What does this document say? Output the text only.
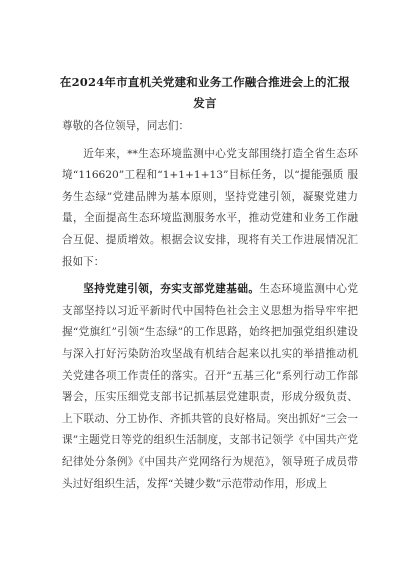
在2024年市直机关党建和业务工作融合推进会上的汇报发言

尊敬的各位领导，同志们：

近年来，**生态环境监测中心党支部围绕打造全省生态环境“116620”工程和“1+1+1+13”目标任务，以“提能强质 服务生态绿”党建品牌为基本原则，坚持党建引领，凝聚党建力量，全面提高生态环境监测服务水平，推动党建和业务工作融合互促、提质增效。根据会议安排，现将有关工作进展情况汇报如下：

坚持党建引领，夯实支部党建基础。生态环境监测中心党支部坚持以习近平新时代中国特色社会主义思想为指导牢牢把握“党旗红”引领“生态绿”的工作思路，始终把加强党组织建设与深入打好污染防治攻坚战有机结合起来以扎实的举措推动机关党建各项工作责任的落实。召开“五基三化”系列行动工作部署会，压实压细党支部书记抓基层党建职责，形成分级负责、上下联动、分工协作、齐抓共管的良好格局。突出抓好“三会一课”主题党日等党的组织生活制度，支部书记领学《中国共产党纪律处分条例》《中国共产党网络行为规范》，领导班子成员带头过好组织生活，发挥“关键少数”示范带动作用，形成上
